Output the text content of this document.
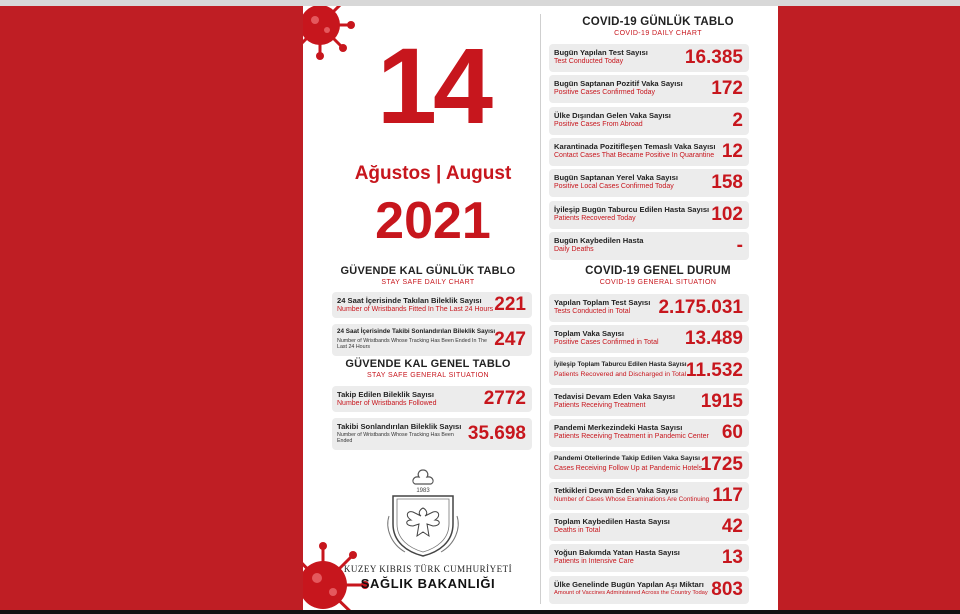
14
Ağustos | August
2021
GÜVENDE KAL GÜNLÜK TABLO
STAY SAFE DAILY CHART
24 Saat İçerisinde Takılan Bileklik Sayısı
Number of Wristbands Fitted In The Last 24 Hours 221
24 Saat İçerisinde Takibi Sonlandırılan Bileklik Sayısı
Number of Wristbands Whose Tracking Has Been Ended In The
Last 24 Hours	247
GÜVENDE KAL GENEL TABLO
STAY SAFE GENERAL SITUATION
Takip Edilen Bileklik Sayısı
Number of Wristbands Followed 2772
Takibi Sonlandırılan Bileklik Sayısı
Number of Wristbands Whose Tracking Has Been
Ended	35.698
1983
KUZEY KIBRIS TÜRK CUMHURİYETİ
SAĞLIK BAKANLIĞI
COVID-19 GÜNLÜK TABLO
COVID-19 DAILY CHART
Bugün Yapılan Test Sayısı
Test Conducted Today	16.385
Bugün Saptanan Pozitif Vaka Sayısı
Positive Cases Confirmed Today	172
Ülke Dışından Gelen Vaka Sayısı
Positive Cases From Abroad	2
Karantinada Pozitifleşen Temaslı Vaka Sayısı
Contact Cases That Became Positive In Quarantine 12
Bugün Saptanan Yerel Vaka Sayısı
Positive Local Cases Confirmed Today 158
İyileşip Bugün Taburcu Edilen Hasta Sayısı
Patients Recovered Today	102
Bugün Kaybedilen Hasta
Daily Deaths	-
COVID-19 GENEL DURUM
COVID-19 GENERAL SITUATION
Yapılan Toplam Test Sayısı
Tests Conducted in Total 2.175.031
Toplam Vaka Sayısı
Positive Cases Confirmed in Total 13.489
İyileşip Toplam Taburcu Edilen Hasta Sayısı
Patients Recovered and Discharged in Total 11.532
Tedavisi Devam Eden Vaka Sayısı
Patients Receiving Treatment	1915
Pandemi Merkezindeki Hasta Sayısı
Patients Receiving Treatment in Pandemic Center 60
Pandemi Otellerinde Takip Edilen Vaka Sayısı
Cases Receiving Follow Up at Pandemic Hotels
1725
Tetkikleri Devam Eden Vaka Sayısı
Number of Cases Whose Examinations Are Continuing 117
Toplam Kaybedilen Hasta Sayısı
Deaths in Total	42
Yoğun Bakımda Yatan Hasta Sayısı
Patients in Intensive Care	13
Ülke Genelinde Bugün Yapılan Aşı Miktarı
Amount of Vaccines Administered Across the Country Today 803
